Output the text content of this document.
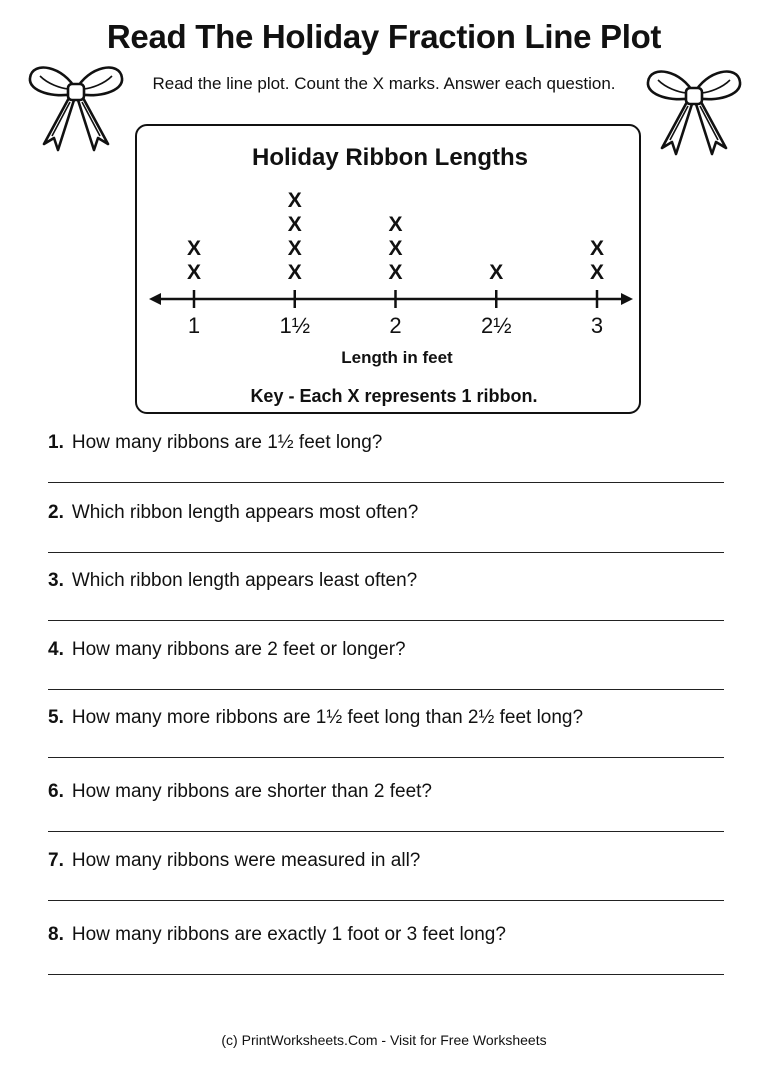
Read The Holiday Fraction Line Plot
Read the line plot. Count the X marks. Answer each question.
Holiday Ribbon Lengths
1	1½	2	2½	3
X
X
X
X
X
X
X
X
X
X	X
X
Length in feet
Key - Each X represents 1 ribbon.
1. How many ribbons are 1½ feet long?
2. Which ribbon length appears most often?
3. Which ribbon length appears least often?
4. How many ribbons are 2 feet or longer?
5. How many more ribbons are 1½ feet long than 2½ feet long?
6. How many ribbons are shorter than 2 feet?
7. How many ribbons were measured in all?
8. How many ribbons are exactly 1 foot or 3 feet long?
(c) PrintWorksheets.Com - Visit for Free Worksheets
